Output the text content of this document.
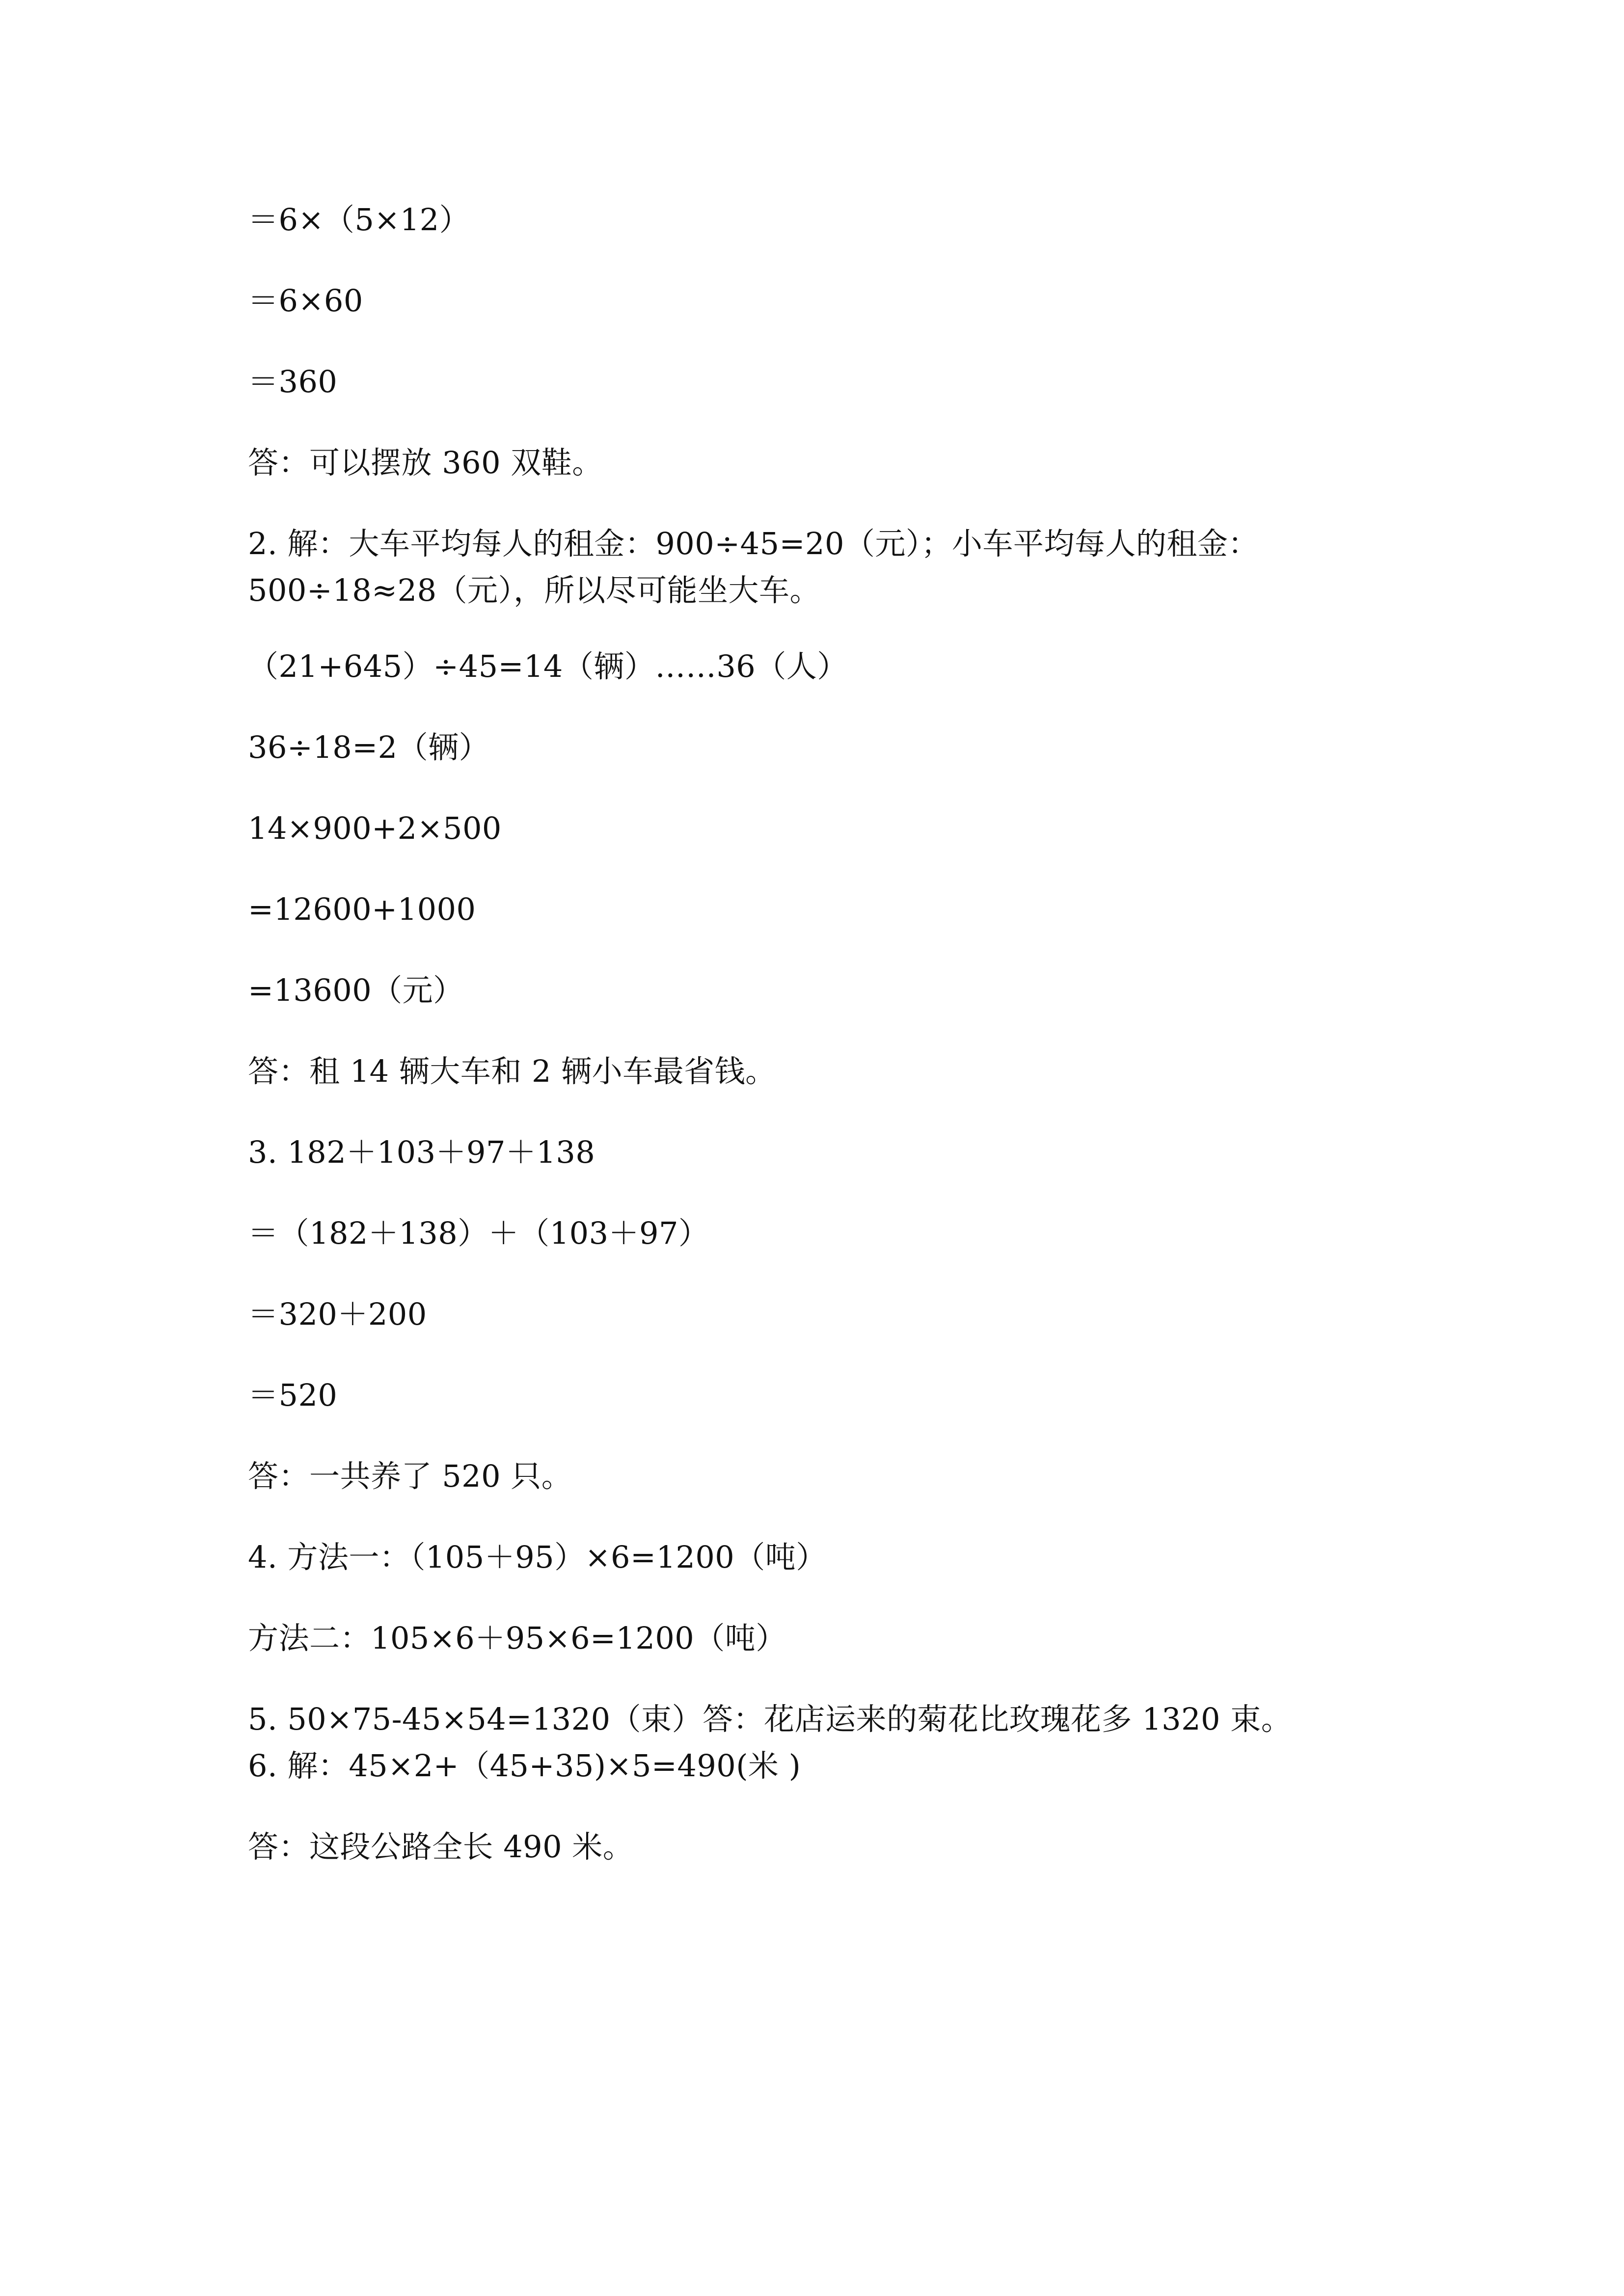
＝6×（5×12）
＝6×60
＝360
答：可以摆放 360 双鞋。
2. 解：大车平均每人的租金：900÷45=20（元）；小车平均每人的租金：
500÷18≈28（元），所以尽可能坐大车。
（21+645）÷45=14（辆）……36（人）
36÷18=2（辆）
14×900+2×500
=12600+1000
=13600（元）
答：租 14 辆大车和 2 辆小车最省钱。
3. 182＋103＋97＋138
＝（182＋138）＋（103＋97）
＝320＋200
＝520
答：一共养了 520 只。
4. 方法一：（105＋95）×6=1200（吨）
方法二：105×6＋95×6=1200（吨）
5. 50×75-45×54=1320（束）答：花店运来的菊花比玫瑰花多 1320 束。
6. 解：45×2+（45+35)×5=490(米 )
答：这段公路全长 490 米。
